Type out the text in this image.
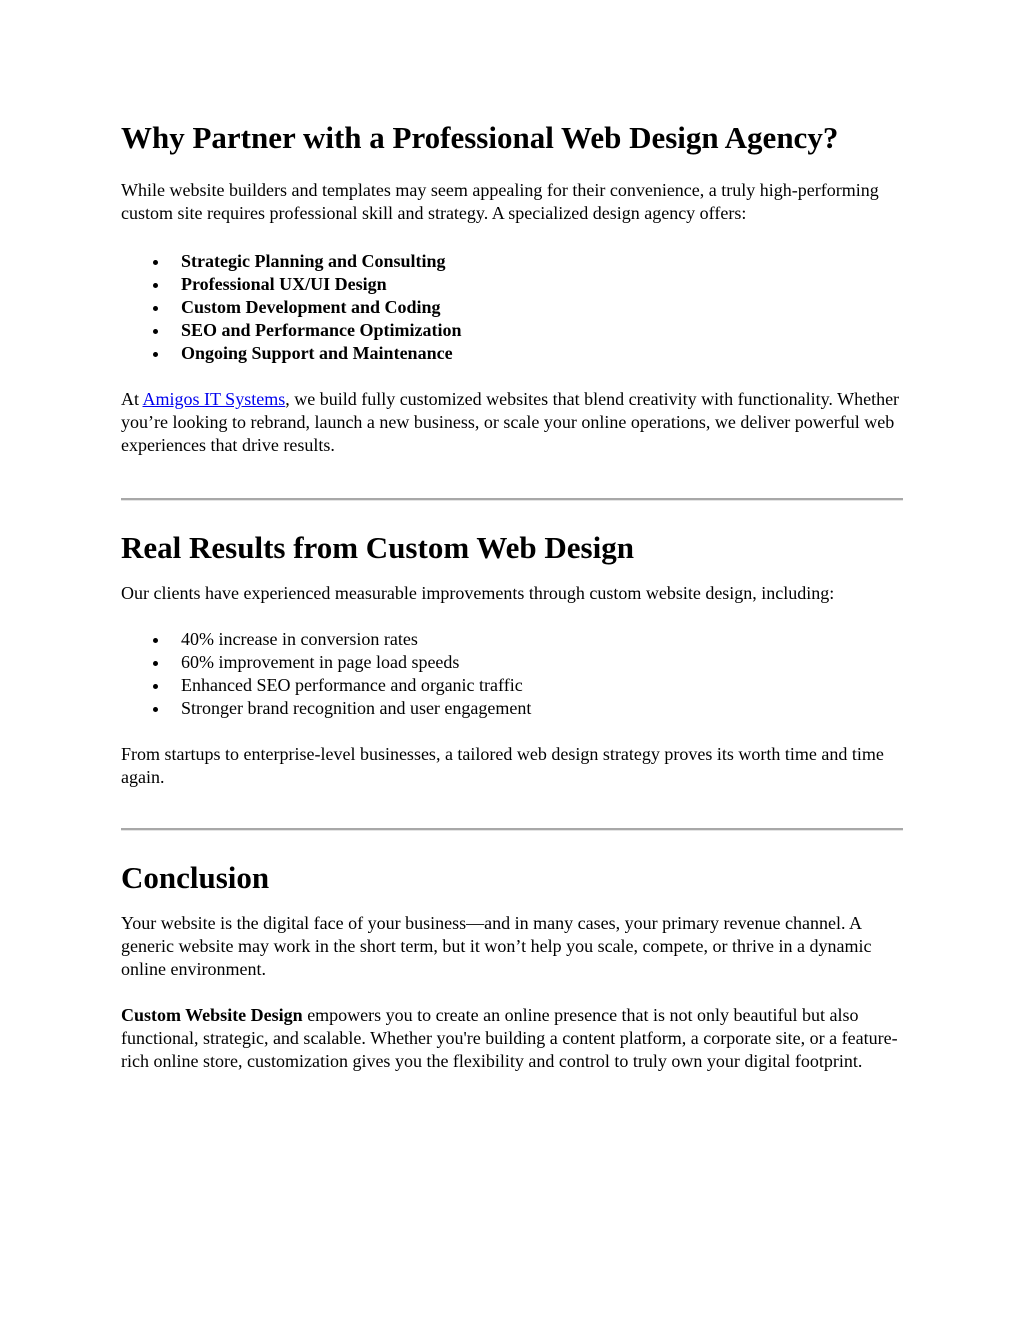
Why Partner with a Professional Web Design Agency?

While website builders and templates may seem appealing for their convenience, a truly high-performing custom site requires professional skill and strategy. A specialized design agency offers:

Strategic Planning and Consulting
Professional UX/UI Design
Custom Development and Coding
SEO and Performance Optimization
Ongoing Support and Maintenance

At Amigos IT Systems, we build fully customized websites that blend creativity with functionality. Whether you’re looking to rebrand, launch a new business, or scale your online operations, we deliver powerful web experiences that drive results.

Real Results from Custom Web Design

Our clients have experienced measurable improvements through custom website design, including:

40% increase in conversion rates
60% improvement in page load speeds
Enhanced SEO performance and organic traffic
Stronger brand recognition and user engagement

From startups to enterprise-level businesses, a tailored web design strategy proves its worth time and time again.

Conclusion

Your website is the digital face of your business—and in many cases, your primary revenue channel. A generic website may work in the short term, but it won’t help you scale, compete, or thrive in a dynamic online environment.

Custom Website Design empowers you to create an online presence that is not only beautiful but also functional, strategic, and scalable. Whether you're building a content platform, a corporate site, or a feature-rich online store, customization gives you the flexibility and control to truly own your digital footprint.
